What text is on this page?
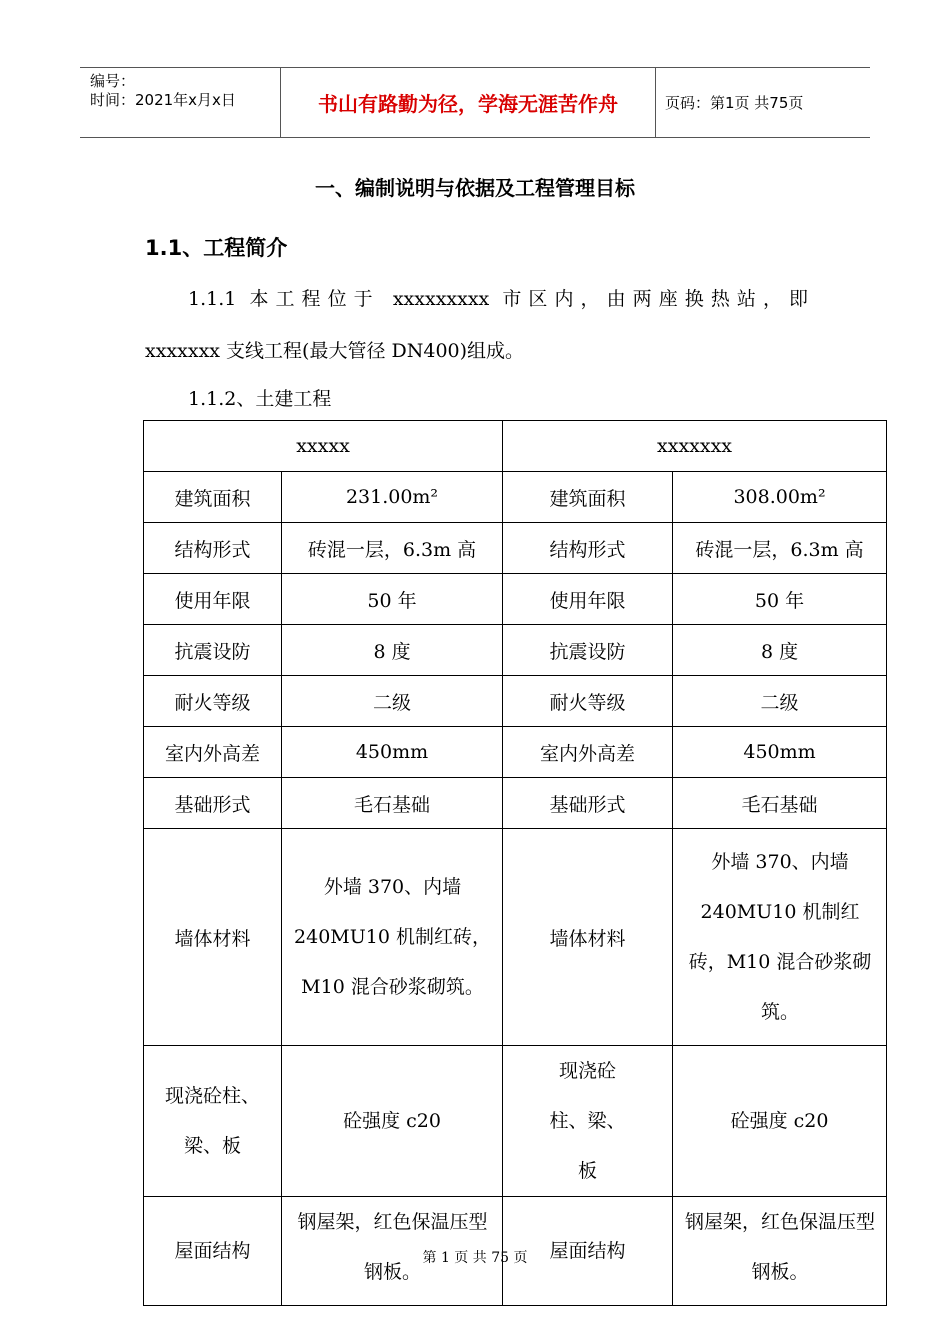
编号：
时间：2021年x月x日	书山有路勤为径，学海无涯苦作舟	页码：第1页 共75页
一、编制说明与依据及工程管理目标
1.1、工程简介
1.1.1 本工程位于 xxxxxxxxx 市区内，由两座换热站，即
xxxxxxx 支线工程(最大管径 DN400)组成。
1.1.2、土建工程
xxxxx		xxxxxxx	
建筑面积	231.00m²	建筑面积	308.00m²
结构形式	砖混一层，6.3m 高	结构形式	砖混一层，6.3m 高
使用年限	50 年	使用年限	50 年
抗震设防	8 度	抗震设防	8 度
耐火等级	二级	耐火等级	二级
室内外高差	450mm	室内外高差	450mm
基础形式	毛石基础	基础形式	毛石基础
墙体材料	外墙 370、内墙 240MU10 机制红砖，M10 混合砂浆砌筑。	墙体材料	外墙 370、内墙 240MU10 机制红砖，M10 混合砂浆砌筑。
现浇砼柱、梁、板	砼强度 c20	现浇砼柱、梁、板	砼强度 c20
屋面结构	钢屋架，红色保温压型钢板。	屋面结构	钢屋架，红色保温压型钢板。
第 1 页 共 75 页
